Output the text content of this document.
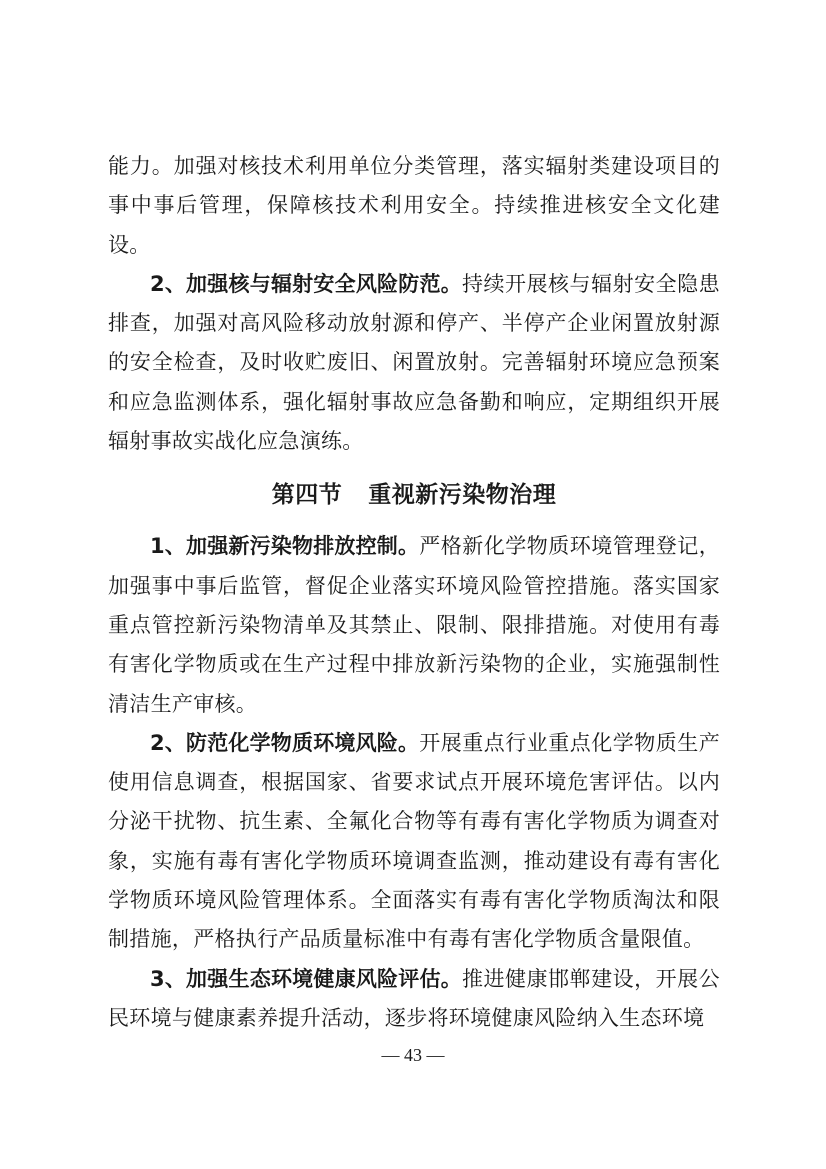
能力。加强对核技术利用单位分类管理，落实辐射类建设项目的事中事后管理，保障核技术利用安全。持续推进核安全文化建设。

2、加强核与辐射安全风险防范。持续开展核与辐射安全隐患排查，加强对高风险移动放射源和停产、半停产企业闲置放射源的安全检查，及时收贮废旧、闲置放射。完善辐射环境应急预案和应急监测体系，强化辐射事故应急备勤和响应，定期组织开展辐射事故实战化应急演练。

第四节 重视新污染物治理

1、加强新污染物排放控制。严格新化学物质环境管理登记，加强事中事后监管，督促企业落实环境风险管控措施。落实国家重点管控新污染物清单及其禁止、限制、限排措施。对使用有毒有害化学物质或在生产过程中排放新污染物的企业，实施强制性清洁生产审核。

2、防范化学物质环境风险。开展重点行业重点化学物质生产使用信息调查，根据国家、省要求试点开展环境危害评估。以内分泌干扰物、抗生素、全氟化合物等有毒有害化学物质为调查对象，实施有毒有害化学物质环境调查监测，推动建设有毒有害化学物质环境风险管理体系。全面落实有毒有害化学物质淘汰和限制措施，严格执行产品质量标准中有毒有害化学物质含量限值。

3、加强生态环境健康风险评估。推进健康邯郸建设，开展公民环境与健康素养提升活动，逐步将环境健康风险纳入生态环境

— 43 —
